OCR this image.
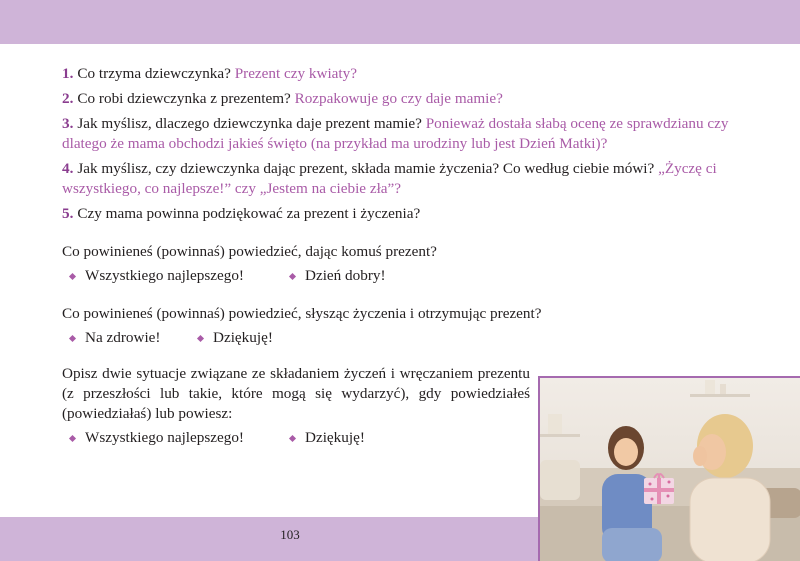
1. Co trzyma dziewczynka? Prezent czy kwiaty?
2. Co robi dziewczynka z prezentem? Rozpakowuje go czy daje mamie?
3. Jak myślisz, dlaczego dziewczynka daje prezent mamie? Ponieważ dostała słabą ocenę ze sprawdzianu czy dlatego że mama obchodzi jakieś święto (na przykład ma urodziny lub jest Dzień Matki)?
4. Jak myślisz, czy dziewczynka dając prezent, składa mamie życzenia? Co według ciebie mówi? „Życzę ci wszystkiego, co najlepsze!” czy „Jestem na ciebie zła”?
5. Czy mama powinna podziękować za prezent i życzenia?
Co powinieneś (powinnaś) powiedzieć, dając komuś prezent?
Wszystkiego najlepszego!	Dzień dobry!
Co powinieneś (powinnaś) powiedzieć, słysząc życzenia i otrzymując prezent?
Na zdrowie!	Dziękuję!
Opisz dwie sytuacje związane ze składaniem życzeń i wręczaniem prezentu (z przeszłości lub takie, które mogą się wydarzyć), gdy powiedziałeś (powiedziałaś) lub powiesz:
Wszystkiego najlepszego!	Dziękuję!
103
